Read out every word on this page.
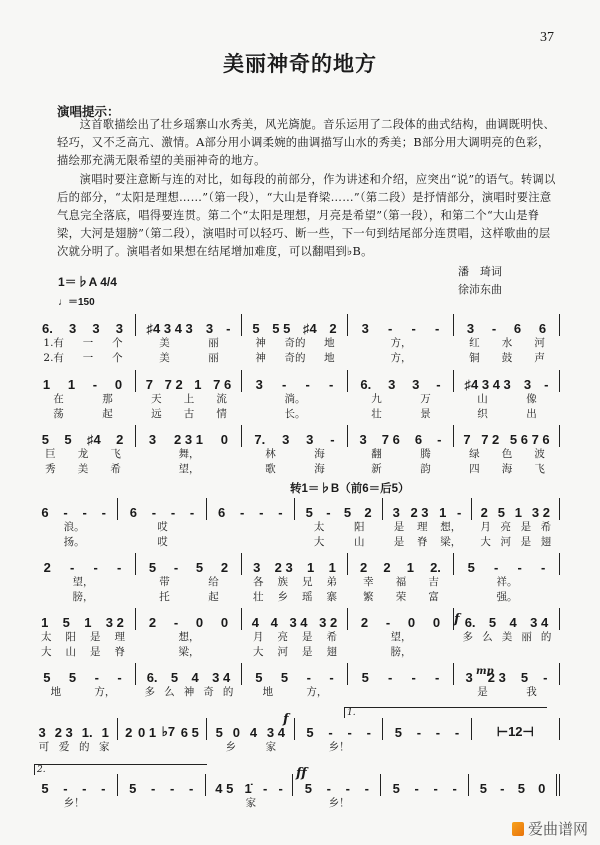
37
美丽神奇的地方
演唱提示：

这首歌描绘出了壮乡瑶寨山水秀美，风光旖旎。音乐运用了二段体的曲式结构，曲调既明快、轻巧，又不乏高亢、激情。A部分用小调柔婉的曲调描写山水的秀美；B部分用大调明亮的色彩，描绘那充满无限希望的美丽神奇的地方。

演唱时要注意断与连的对比，如每段的前部分，作为讲述和介绍，应突出“说”的语气。转调以后的部分，“太阳是理想……”（第一段），“大山是脊梁……”（第二段）是抒情部分，演唱时要注意气息完全落底，唱得要连贯。第二个“太阳是理想，月亮是希望”（第一段），和第二个“大山是脊梁，大河是翅膀”（第二段），演唱时可以轻巧、断一些，下一句到结尾部分连贯唱，这样歌曲的层次就分明了。演唱者如果想在结尾增加难度，可以翻唱到♭B。

潘　琦词
徐沛东曲
1＝♭A 4/4
♩＝150
转1＝♭B（前6＝后5）
f
mp
f
ff
1.
2.
6. 3 3 3 ♯4 3 4 3 3 - 5 5 5 ♯4 2 3 - - - 3 - 6 6
1.有 一 个	美	丽	神 奇的 地	方，	红 水 河
2.有 一 个	美	丽	神 奇的 地	方，	铜 鼓 声
1 1 - 0 7 7 2 1 7 6 3 - - - 6. 3 3 - ♯4 3 4 3 3 -
在	那	天 上 流	淌。	九	万	山	像
荡	起	远 古 情	长。	壮	景	织	出
5 5 ♯4 2 3 2 3 1 0 7. 3 3 - 3 7 6 6 - 7 7 2 5 6 7 6
巨 龙 飞	舞，	林	海	翻	腾	绿 色 波
秀 美 希	望，	歌	海	新	韵	四 海 飞
6 - - - 6 - - - 6 - - - 5 - 5 2 3 2 3 1 - 2 5 1 3 2
浪。	哎	太	阳	是 理 想， 月 亮 是 希
扬。	哎	大	山	是 脊 梁， 大 河 是 翅
2 - - - 5 - 5 2 3 2 3 1 1 2 2 1 2. 5 - - -
望，	带	给	各 族 兄 弟 幸 福 吉	祥。
膀，	托	起	壮 乡 瑶 寨 繁 荣 富	强。
1 5 1 3 2 2 - 0 0 4 4 3 4 3 2 2 - 0 0 6. 5 4 3 4
太 阳 是 理	想，	月 亮 是 希	望，	多 么 美 丽 的
大 山 是 脊	梁，	大 河 是 翅	膀，
5 5 - - 6. 5 4 3 4 5 5 - - 5 - - - 3 2 3 5 -
地	方，	多 么 神 奇 的	地	方，	是	我
3 2 3 1. 1 2 0 1 ♭7 6 5 5 0 4 3 4 5 - - - 5 - - -	⊢12⊣
可 爱 的 家	乡	家	乡！
5 - - - 5 - - - 4 5 1̇ - - 5 - - - 5 - - - 5 - 5 0
乡！	家	乡！
爱曲谱网
